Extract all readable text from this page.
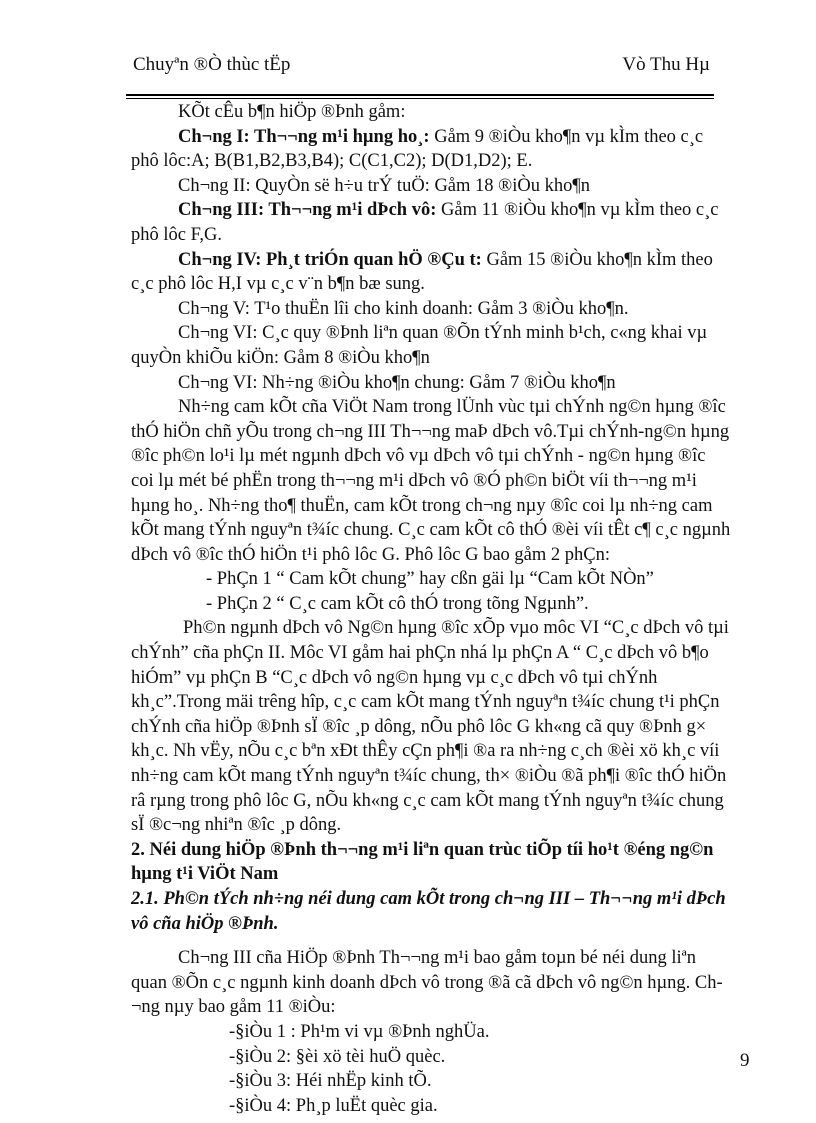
Chuyªn ®Ò thùc tËp	Vò Thu Hµ

KÕt cÊu b¶n hiÖp ®Þnh gåm:

Ch¬ng I: Th¬¬ng m¹i hµng ho¸: Gåm 9 ®iÒu kho¶n vµ kÌm theo c¸c phô lôc:A; B(B1,B2,B3,B4); C(C1,C2); D(D1,D2); E.

Ch¬ng II: QuyÒn së h÷u trÝ tuÖ: Gåm 18 ®iÒu kho¶n

Ch¬ng III: Th¬¬ng m¹i dÞch vô: Gåm 11 ®iÒu kho¶n vµ kÌm theo c¸c phô lôc F,G.

Ch¬ng IV: Ph¸t triÓn quan hÖ ®Çu t: Gåm 15 ®iÒu kho¶n kÌm theo c¸c phô lôc H,I vµ c¸c v¨n b¶n bæ sung.

Ch¬ng V: T¹o thuËn lîi cho kinh doanh: Gåm 3 ®iÒu kho¶n.

Ch¬ng VI: C¸c quy ®Þnh liªn quan ®Õn tÝnh minh b¹ch, c«ng khai vµ quyÒn khiÕu kiÖn: Gåm 8 ®iÒu kho¶n

Ch¬ng VI: Nh÷ng ®iÒu kho¶n chung: Gåm 7 ®iÒu kho¶n

Nh÷ng cam kÕt cña ViÖt Nam trong lÜnh vùc tµi chÝnh ng©n hµng ®îc thÓ hiÖn chñ yÕu trong ch¬ng III Th¬¬ng maÞ dÞch vô.Tµi chÝnh-ng©n hµng ®îc ph©n lo¹i lµ mét ngµnh dÞch vô vµ dÞch vô tµi chÝnh - ng©n hµng ®îc coi lµ mét bé phËn trong th¬¬ng m¹i dÞch vô ®Ó ph©n biÖt víi th¬¬ng m¹i hµng ho¸. Nh÷ng tho¶ thuËn, cam kÕt trong ch¬ng nµy ®îc coi lµ nh÷ng cam kÕt mang tÝnh nguyªn t¾íc chung. C¸c cam kÕt cô thÓ ®èi víi tÊt c¶ c¸c ngµnh dÞch vô ®îc thÓ hiÖn t¹i phô lôc G. Phô lôc G bao gåm 2 phÇn:

- PhÇn 1 “ Cam kÕt chung” hay cßn gäi lµ “Cam kÕt NÒn”

- PhÇn 2 “ C¸c cam kÕt cô thÓ trong tõng Ngµnh”.

Ph©n ngµnh dÞch vô Ng©n hµng ®îc xÕp vµo môc VI “C¸c dÞch vô tµi chÝnh” cña phÇn II. Môc VI gåm hai phÇn nhá lµ phÇn A “ C¸c dÞch vô b¶o hiÓm” vµ phÇn B “C¸c dÞch vô ng©n hµng vµ c¸c dÞch vô tµi chÝnh kh¸c”.Trong mäi trêng hîp, c¸c cam kÕt mang tÝnh nguyªn t¾íc chung t¹i phÇn chÝnh cña hiÖp ®Þnh sÏ ®îc ¸p dông, nÕu phô lôc G kh«ng cã quy ®Þnh g× kh¸c. Nh vËy, nÕu c¸c bªn xÐt thÊy cÇn ph¶i ®a ra nh÷ng c¸ch ®èi xö kh¸c víi nh÷ng cam kÕt mang tÝnh nguyªn t¾íc chung, th× ®iÒu ®ã ph¶i ®îc thÓ hiÖn râ rµng trong phô lôc G, nÕu kh«ng c¸c cam kÕt mang tÝnh nguyªn t¾íc chung sÏ ®c¬ng nhiªn ®îc ¸p dông.

2. Néi dung hiÖp ®Þnh th¬¬ng m¹i liªn quan trùc tiÕp tíi ho¹t ®éng ng©n hµng t¹i ViÖt Nam

2.1. Ph©n tÝch nh÷ng néi dung cam kÕt trong ch¬ng III – Th¬¬ng m¹i dÞch vô cña hiÖp ®Þnh.

Ch¬ng III cña HiÖp ®Þnh Th¬¬ng m¹i bao gåm toµn bé néi dung liªn quan ®Õn c¸c ngµnh kinh doanh dÞch vô trong ®ã cã dÞch vô ng©n hµng. Ch¬ng nµy bao gåm 11 ®iÒu:

-§iÒu 1 : Ph¹m vi vµ ®Þnh nghÜa.

-§iÒu 2: §èi xö tèi huÖ quèc.

-§iÒu 3: Héi nhËp kinh tÕ.

-§iÒu 4: Ph¸p luËt quèc gia.

9
